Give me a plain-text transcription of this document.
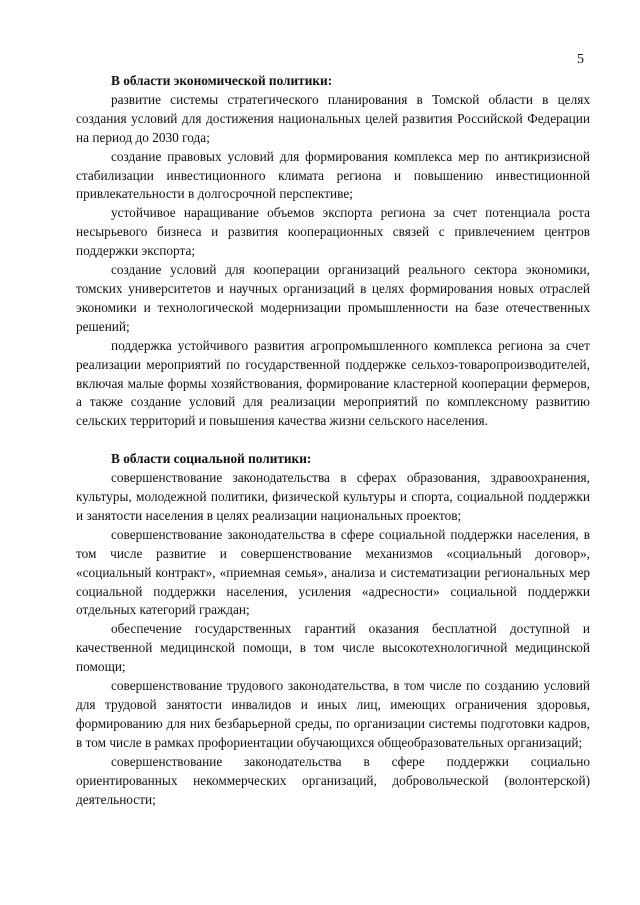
5

В области экономической политики:

развитие системы стратегического планирования в Томской области в целях создания условий для достижения национальных целей развития Российской Федерации на период до 2030 года;

создание правовых условий для формирования комплекса мер по антикризисной стабилизации инвестиционного климата региона и повышению инвестиционной привлекательности в долгосрочной перспективе;

устойчивое наращивание объемов экспорта региона за счет потенциала роста несырьевого бизнеса и развития кооперационных связей с привлечением центров поддержки экспорта;

создание условий для кооперации организаций реального сектора экономики, томских университетов и научных организаций в целях формирования новых отраслей экономики и технологической модернизации промышленности на базе отечественных решений;

поддержка устойчивого развития агропромышленного комплекса региона за счет реализации мероприятий по государственной поддержке сельхоз-товаропроизводителей, включая малые формы хозяйствования, формирование кластерной кооперации фермеров, а также создание условий для реализации мероприятий по комплексному развитию сельских территорий и повышения качества жизни сельского населения.

В области социальной политики:

совершенствование законодательства в сферах образования, здравоохранения, культуры, молодежной политики, физической культуры и спорта, социальной поддержки и занятости населения в целях реализации национальных проектов;

совершенствование законодательства в сфере социальной поддержки населения, в том числе развитие и совершенствование механизмов «социальный договор», «социальный контракт», «приемная семья», анализа и систематизации региональных мер социальной поддержки населения, усиления «адресности» социальной поддержки отдельных категорий граждан;

обеспечение государственных гарантий оказания бесплатной доступной и качественной медицинской помощи, в том числе высокотехнологичной медицинской помощи;

совершенствование трудового законодательства, в том числе по созданию условий для трудовой занятости инвалидов и иных лиц, имеющих ограничения здоровья, формированию для них безбарьерной среды, по организации системы подготовки кадров, в том числе в рамках профориентации обучающихся общеобразовательных организаций;

совершенствование законодательства в сфере поддержки социально ориентированных некоммерческих организаций, добровольческой (волонтерской) деятельности;
